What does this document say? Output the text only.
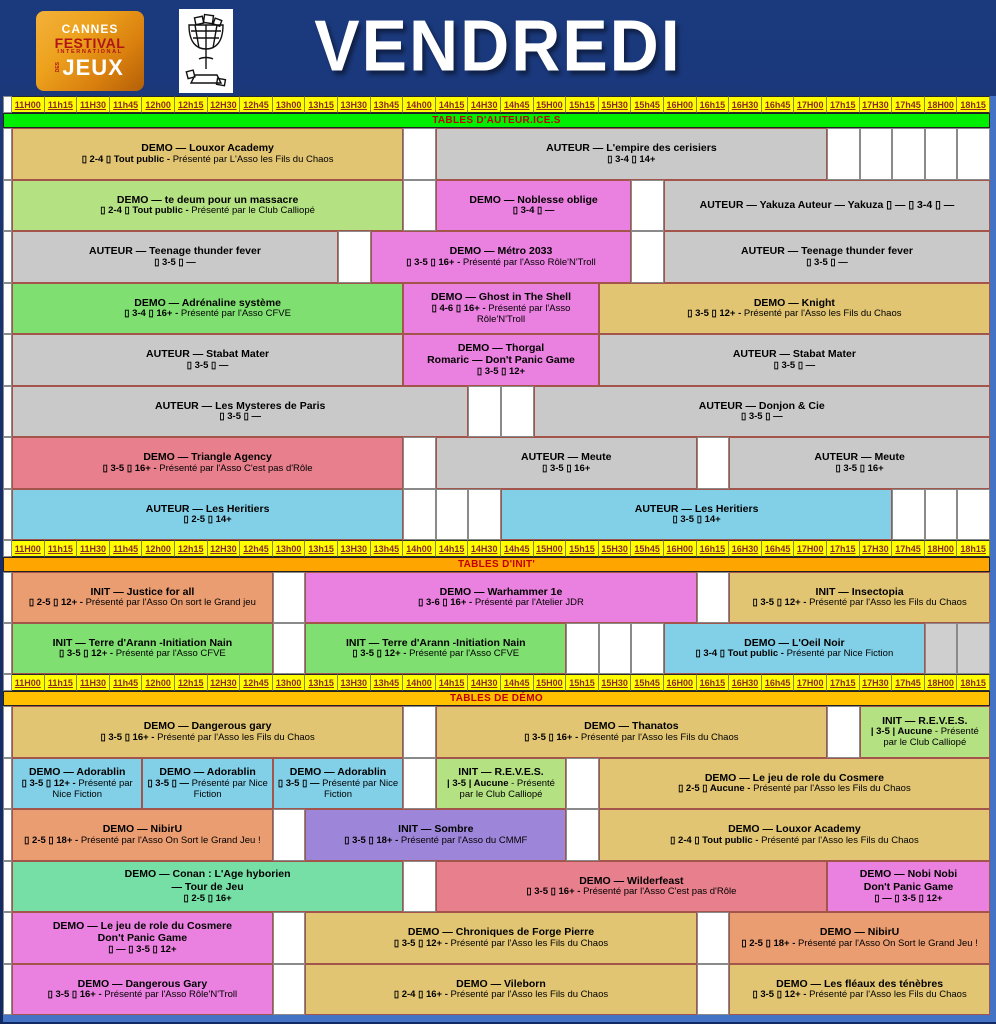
CANNES
FESTIVAL
INTERNATIONAL
DES JEUX	VENDREDI
11H00 11h15 11H30 11h45 12h00 12h15 12H30 12h45 13h00 13h15 13H30 13h45 14h00 14h15 14H30 14h45 15H00 15h15 15H30 15h45 16H00 16h15 16H30 16h45 17H00 17h15 17H30 17h45 18H00 18h15
TABLES D'AUTEUR.ICE.S
DEMO — Louxor Academy
▯ 2-4 ▯ Tout public - Présenté par L'Asso les Fils du Chaos
AUTEUR — L'empire des cerisiers
▯ 3-4 ▯ 14+
DEMO — te deum pour un massacre
▯ 2-4 ▯ Tout public - Présenté par le Club Calliopé
DEMO — Noblesse oblige
▯ 3-4 ▯ —	AUTEUR — Yakuza Auteur — Yakuza ▯ — ▯ 3-4 ▯ —
AUTEUR — Teenage thunder fever
▯ 3-5 ▯ —
DEMO — Métro 2033
▯ 3-5 ▯ 16+ - Présenté par l'Asso Rôle'N'Troll
AUTEUR — Teenage thunder fever
▯ 3-5 ▯ —
DEMO — Adrénaline système
▯ 3-4 ▯ 16+ - Présenté par l'Asso CFVE
DEMO — Ghost in The Shell
▯ 4-6 ▯ 16+ - Présenté par l'Asso Rôle'N'Troll
DEMO — Knight
▯ 3-5 ▯ 12+ - Présenté par l'Asso les Fils du Chaos
AUTEUR — Stabat Mater
▯ 3-5 ▯ —
DEMO — Thorgal
Romaric — Don't Panic Game
▯ 3-5 ▯ 12+
AUTEUR — Stabat Mater
▯ 3-5 ▯ —
AUTEUR — Les Mysteres de Paris
▯ 3-5 ▯ —
AUTEUR — Donjon & Cie
▯ 3-5 ▯ —
DEMO — Triangle Agency
▯ 3-5 ▯ 16+ - Présenté par l'Asso C'est pas d'Rôle
AUTEUR — Meute
▯ 3-5 ▯ 16+
AUTEUR — Meute
▯ 3-5 ▯ 16+
AUTEUR — Les Heritiers
▯ 2-5 ▯ 14+
AUTEUR — Les Heritiers
▯ 3-5 ▯ 14+
11H00 11h15 11H30 11h45 12h00 12h15 12H30 12h45 13h00 13h15 13H30 13h45 14h00 14h15 14H30 14h45 15H00 15h15 15H30 15h45 16H00 16h15 16H30 16h45 17H00 17h15 17H30 17h45 18H00 18h15
TABLES D'INIT'
INIT — Justice for all
▯ 2-5 ▯ 12+ - Présenté par l'Asso On sort le Grand jeu
DEMO — Warhammer 1e
▯ 3-6 ▯ 16+ - Présenté par l'Atelier JDR
INIT — Insectopia
▯ 3-5 ▯ 12+ - Présenté par l'Asso les Fils du Chaos
INIT — Terre d'Arann -Initiation Nain
▯ 3-5 ▯ 12+ - Présenté par l'Asso CFVE
INIT — Terre d'Arann -Initiation Nain
▯ 3-5 ▯ 12+ - Présenté par l'Asso CFVE
DEMO — L'Oeil Noir
▯ 3-4 ▯ Tout public - Présenté par Nice Fiction
11H00 11h15 11H30 11h45 12h00 12h15 12H30 12h45 13h00 13h15 13H30 13h45 14h00 14h15 14H30 14h45 15H00 15h15 15H30 15h45 16H00 16h15 16H30 16h45 17H00 17h15 17H30 17h45 18H00 18h15
TABLES DE DÉMO
DEMO — Dangerous gary
▯ 3-5 ▯ 16+ - Présenté par l'Asso les Fils du Chaos
DEMO — Thanatos
▯ 3-5 ▯ 16+ - Présenté par l'Asso les Fils du Chaos
INIT — R.E.V.E.S.
| 3-5 | Aucune - Présenté par le Club Calliopé
DEMO — Adorablin
▯ 3-5 ▯ 12+ - Présenté par Nice Fiction
DEMO — Adorablin
▯ 3-5 ▯ — Présenté par Nice Fiction
DEMO — Adorablin
▯ 3-5 ▯ — Présenté par Nice Fiction
INIT — R.E.V.E.S.
| 3-5 | Aucune - Présenté par le Club Calliopé
DEMO — Le jeu de role du Cosmere
▯ 2-5 ▯ Aucune - Présenté par l'Asso les Fils du Chaos
DEMO — NibirU
▯ 2-5 ▯ 18+ - Présenté par l'Asso On Sort le Grand Jeu !
INIT — Sombre
▯ 3-5 ▯ 18+ - Présenté par l'Asso du CMMF
DEMO — Louxor Academy
▯ 2-4 ▯ Tout public - Présenté par l'Asso les Fils du Chaos
DEMO — Conan : L'Age hyborien
— Tour de Jeu
▯ 2-5 ▯ 16+
DEMO — Wilderfeast
▯ 3-5 ▯ 16+ - Présenté par l'Asso C'est pas d'Rôle
DEMO — Nobi Nobi
Don't Panic Game
▯ — ▯ 3-5 ▯ 12+
DEMO — Le jeu de role du Cosmere
Don't Panic Game
▯ — ▯ 3-5 ▯ 12+
DEMO — Chroniques de Forge Pierre
▯ 3-5 ▯ 12+ - Présenté par l'Asso les Fils du Chaos
DEMO — NibirU
▯ 2-5 ▯ 18+ - Présenté par l'Asso On Sort le Grand Jeu !
DEMO — Dangerous Gary
▯ 3-5 ▯ 16+ - Présenté par l'Asso Rôle'N'Troll
DEMO — Vileborn
▯ 2-4 ▯ 16+ - Présenté par l'Asso les Fils du Chaos
DEMO — Les fléaux des ténèbres
▯ 3-5 ▯ 12+ - Présenté par l'Asso les Fils du Chaos
